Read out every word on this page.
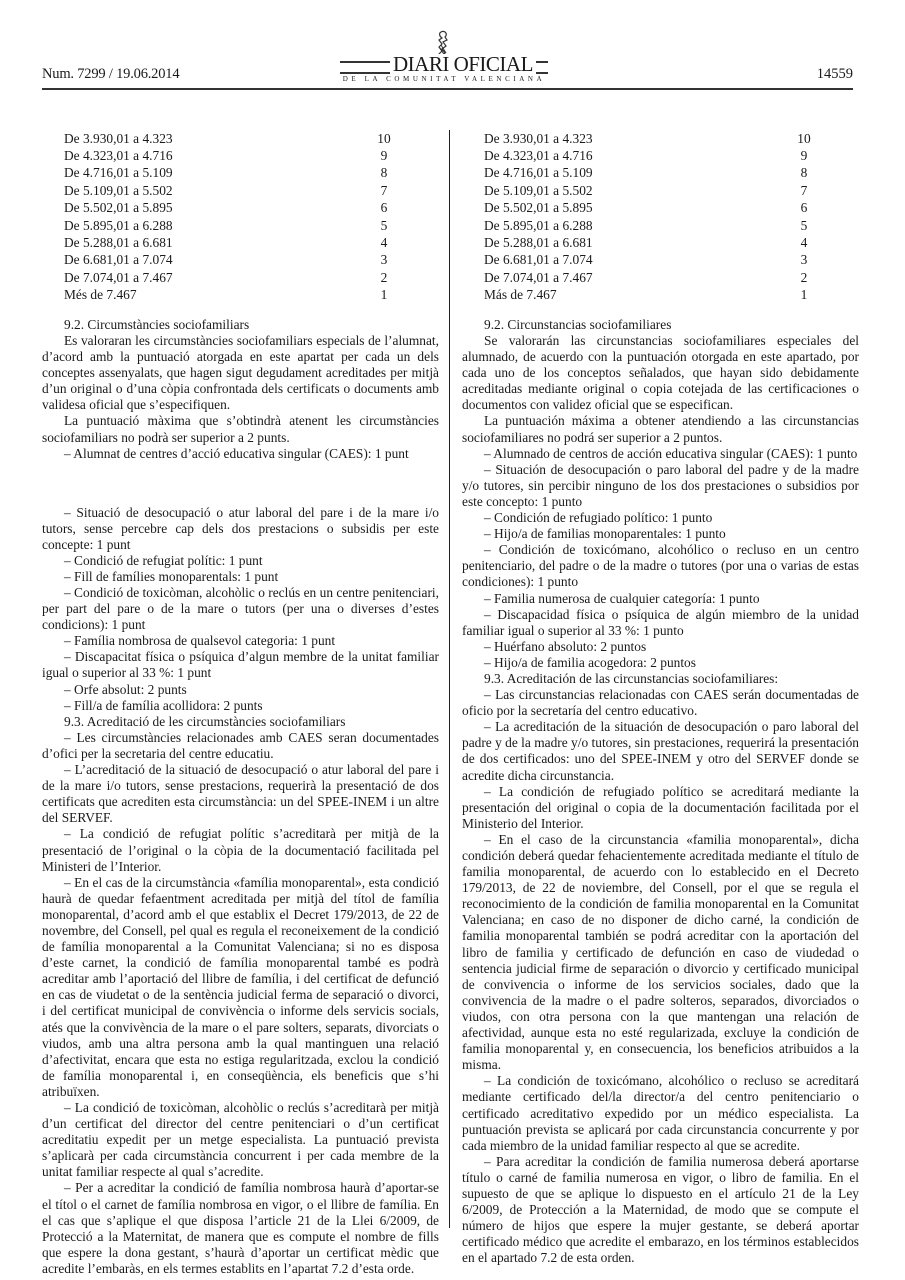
Num. 7299 / 19.06.2014	DIARI OFICIAL
DE LA COMUNITAT VALENCIANA	14559
De 3.930,01 a 4.323	10
De 4.323,01 a 4.716	9
De 4.716,01 a 5.109	8
De 5.109,01 a 5.502	7
De 5.502,01 a 5.895	6
De 5.895,01 a 6.288	5
De 5.288,01 a 6.681	4
De 6.681,01 a 7.074	3
De 7.074,01 a 7.467	2
Més de 7.467	1

9.2. Circumstàncies sociofamiliars

Es valoraran les circumstàncies sociofamiliars especials de l’alumnat, d’acord amb la puntuació atorgada en este apartat per cada un dels conceptes assenyalats, que hagen sigut degudament acreditades per mitjà d’un original o d’una còpia confrontada dels certificats o documents amb validesa oficial que s’especifiquen.

La puntuació màxima que s’obtindrà atenent les circumstàncies sociofamiliars no podrà ser superior a 2 punts.

– Alumnat de centres d’acció educativa singular (CAES): 1 punt

– Situació de desocupació o atur laboral del pare i de la mare i/o tutors, sense percebre cap dels dos prestacions o subsidis per este concepte: 1 punt

– Condició de refugiat polític: 1 punt

– Fill de famílies monoparentals: 1 punt

– Condició de toxicòman, alcohòlic o reclús en un centre penitenciari, per part del pare o de la mare o tutors (per una o diverses d’estes condicions): 1 punt

– Família nombrosa de qualsevol categoria: 1 punt

– Discapacitat física o psíquica d’algun membre de la unitat familiar igual o superior al 33 %: 1 punt

– Orfe absolut: 2 punts

– Fill/a de família acollidora: 2 punts

9.3. Acreditació de les circumstàncies sociofamiliars

– Les circumstàncies relacionades amb CAES seran documentades d’ofici per la secretaria del centre educatiu.

– L’acreditació de la situació de desocupació o atur laboral del pare i de la mare i/o tutors, sense prestacions, requerirà la presentació de dos certificats que acrediten esta circumstància: un del SPEE-INEM i un altre del SERVEF.

– La condició de refugiat polític s’acreditarà per mitjà de la presentació de l’original o la còpia de la documentació facilitada pel Ministeri de l’Interior.

– En el cas de la circumstància «família monoparental», esta condició haurà de quedar fefaentment acreditada per mitjà del títol de família monoparental, d’acord amb el que establix el Decret 179/2013, de 22 de novembre, del Consell, pel qual es regula el reconeixement de la condició de família monoparental a la Comunitat Valenciana; si no es disposa d’este carnet, la condició de família monoparental també es podrà acreditar amb l’aportació del llibre de família, i del certificat de defunció en cas de viudetat o de la sentència judicial ferma de separació o divorci, i del certificat municipal de convivència o informe dels servicis socials, atés que la convivència de la mare o el pare solters, separats, divorciats o viudos, amb una altra persona amb la qual mantinguen una relació d’afectivitat, encara que esta no estiga regularitzada, exclou la condició de família monoparental i, en conseqüència, els beneficis que s’hi atribuïxen.

– La condició de toxicòman, alcohòlic o reclús s’acreditarà per mitjà d’un certificat del director del centre penitenciari o d’un certificat acreditatiu expedit per un metge especialista. La puntuació prevista s’aplicarà per cada circumstància concurrent i per cada membre de la unitat familiar respecte al qual s’acredite.

– Per a acreditar la condició de família nombrosa haurà d’aportar-se el títol o el carnet de família nombrosa en vigor, o el llibre de família. En el cas que s’aplique el que disposa l’article 21 de la Llei 6/2009, de Protecció a la Maternitat, de manera que es compute el nombre de fills que espere la dona gestant, s’haurà d’aportar un certificat mèdic que acredite l’embaràs, en els termes establits en l’apartat 7.2 d’esta orde.

De 3.930,01 a 4.323	10
De 4.323,01 a 4.716	9
De 4.716,01 a 5.109	8
De 5.109,01 a 5.502	7
De 5.502,01 a 5.895	6
De 5.895,01 a 6.288	5
De 5.288,01 a 6.681	4
De 6.681,01 a 7.074	3
De 7.074,01 a 7.467	2
Más de 7.467	1

9.2. Circunstancias sociofamiliares

Se valorarán las circunstancias sociofamiliares especiales del alumnado, de acuerdo con la puntuación otorgada en este apartado, por cada uno de los conceptos señalados, que hayan sido debidamente acreditadas mediante original o copia cotejada de las certificaciones o documentos con validez oficial que se especifican.

La puntuación máxima a obtener atendiendo a las circunstancias sociofamiliares no podrá ser superior a 2 puntos.

– Alumnado de centros de acción educativa singular (CAES): 1 punto

– Situación de desocupación o paro laboral del padre y de la madre y/o tutores, sin percibir ninguno de los dos prestaciones o subsidios por este concepto: 1 punto

– Condición de refugiado político: 1 punto

– Hijo/a de familias monoparentales: 1 punto

– Condición de toxicómano, alcohólico o recluso en un centro penitenciario, del padre o de la madre o tutores (por una o varias de estas condiciones): 1 punto

– Familia numerosa de cualquier categoría: 1 punto

– Discapacidad física o psíquica de algún miembro de la unidad familiar igual o superior al 33 %: 1 punto

– Huérfano absoluto: 2 puntos

– Hijo/a de familia acogedora: 2 puntos

9.3. Acreditación de las circunstancias sociofamiliares:

– Las circunstancias relacionadas con CAES serán documentadas de oficio por la secretaría del centro educativo.

– La acreditación de la situación de desocupación o paro laboral del padre y de la madre y/o tutores, sin prestaciones, requerirá la presentación de dos certificados: uno del SPEE-INEM y otro del SERVEF donde se acredite dicha circunstancia.

– La condición de refugiado político se acreditará mediante la presentación del original o copia de la documentación facilitada por el Ministerio del Interior.

– En el caso de la circunstancia «familia monoparental», dicha condición deberá quedar fehacientemente acreditada mediante el título de familia monoparental, de acuerdo con lo establecido en el Decreto 179/2013, de 22 de noviembre, del Consell, por el que se regula el reconocimiento de la condición de familia monoparental en la Comunitat Valenciana; en caso de no disponer de dicho carné, la condición de familia monoparental también se podrá acreditar con la aportación del libro de familia y certificado de defunción en caso de viudedad o sentencia judicial firme de separación o divorcio y certificado municipal de convivencia o informe de los servicios sociales, dado que la convivencia de la madre o el padre solteros, separados, divorciados o viudos, con otra persona con la que mantengan una relación de afectividad, aunque esta no esté regularizada, excluye la condición de familia monoparental y, en consecuencia, los beneficios atribuidos a la misma.

– La condición de toxicómano, alcohólico o recluso se acreditará mediante certificado del/la director/a del centro penitenciario o certificado acreditativo expedido por un médico especialista. La puntuación prevista se aplicará por cada circunstancia concurrente y por cada miembro de la unidad familiar respecto al que se acredite.

– Para acreditar la condición de familia numerosa deberá aportarse título o carné de familia numerosa en vigor, o libro de familia. En el supuesto de que se aplique lo dispuesto en el artículo 21 de la Ley 6/2009, de Protección a la Maternidad, de modo que se compute el número de hijos que espere la mujer gestante, se deberá aportar certificado médico que acredite el embarazo, en los términos establecidos en el apartado 7.2 de esta orden.
